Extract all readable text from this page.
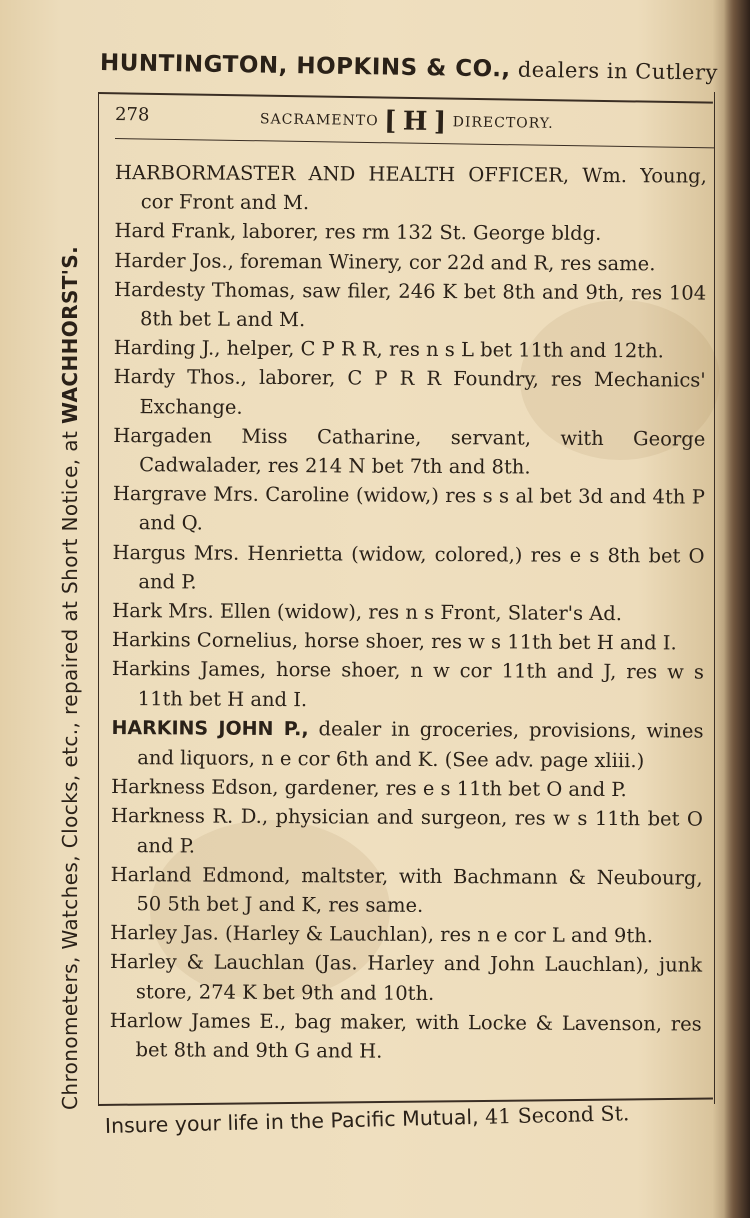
HUNTINGTON, HOPKINS & CO., dealers in Cutlery
Chronometers, Watches, Clocks, etc., repaired at Short Notice, at WACHHORST'S.
278	SACRAMENTO [ H ] DIRECTORY.

HARBORMASTER AND HEALTH OFFICER, Wm. Young, cor Front and M.

Hard Frank, laborer, res rm 132 St. George bldg.

Harder Jos., foreman Winery, cor 22d and R, res same.

Hardesty Thomas, saw filer, 246 K bet 8th and 9th, res 104 8th bet L and M.

Harding J., helper, C P R R, res n s L bet 11th and 12th.

Hardy Thos., laborer, C P R R Foundry, res Mechanics' Exchange.

Hargaden Miss Catharine, servant, with George Cadwalader, res 214 N bet 7th and 8th.

Hargrave Mrs. Caroline (widow,) res s s al bet 3d and 4th P and Q.

Hargus Mrs. Henrietta (widow, colored,) res e s 8th bet O and P.

Hark Mrs. Ellen (widow), res n s Front, Slater's Ad.

Harkins Cornelius, horse shoer, res w s 11th bet H and I.

Harkins James, horse shoer, n w cor 11th and J, res w s 11th bet H and I.

HARKINS JOHN P., dealer in groceries, provisions, wines and liquors, n e cor 6th and K. (See adv. page xliii.)

Harkness Edson, gardener, res e s 11th bet O and P.

Harkness R. D., physician and surgeon, res w s 11th bet O and P.

Harland Edmond, maltster, with Bachmann & Neubourg, 50 5th bet J and K, res same.

Harley Jas. (Harley & Lauchlan), res n e cor L and 9th.

Harley & Lauchlan (Jas. Harley and John Lauchlan), junk store, 274 K bet 9th and 10th.

Harlow James E., bag maker, with Locke & Lavenson, res bet 8th and 9th G and H.

Insure your life in the Pacific Mutual, 41 Second St.
